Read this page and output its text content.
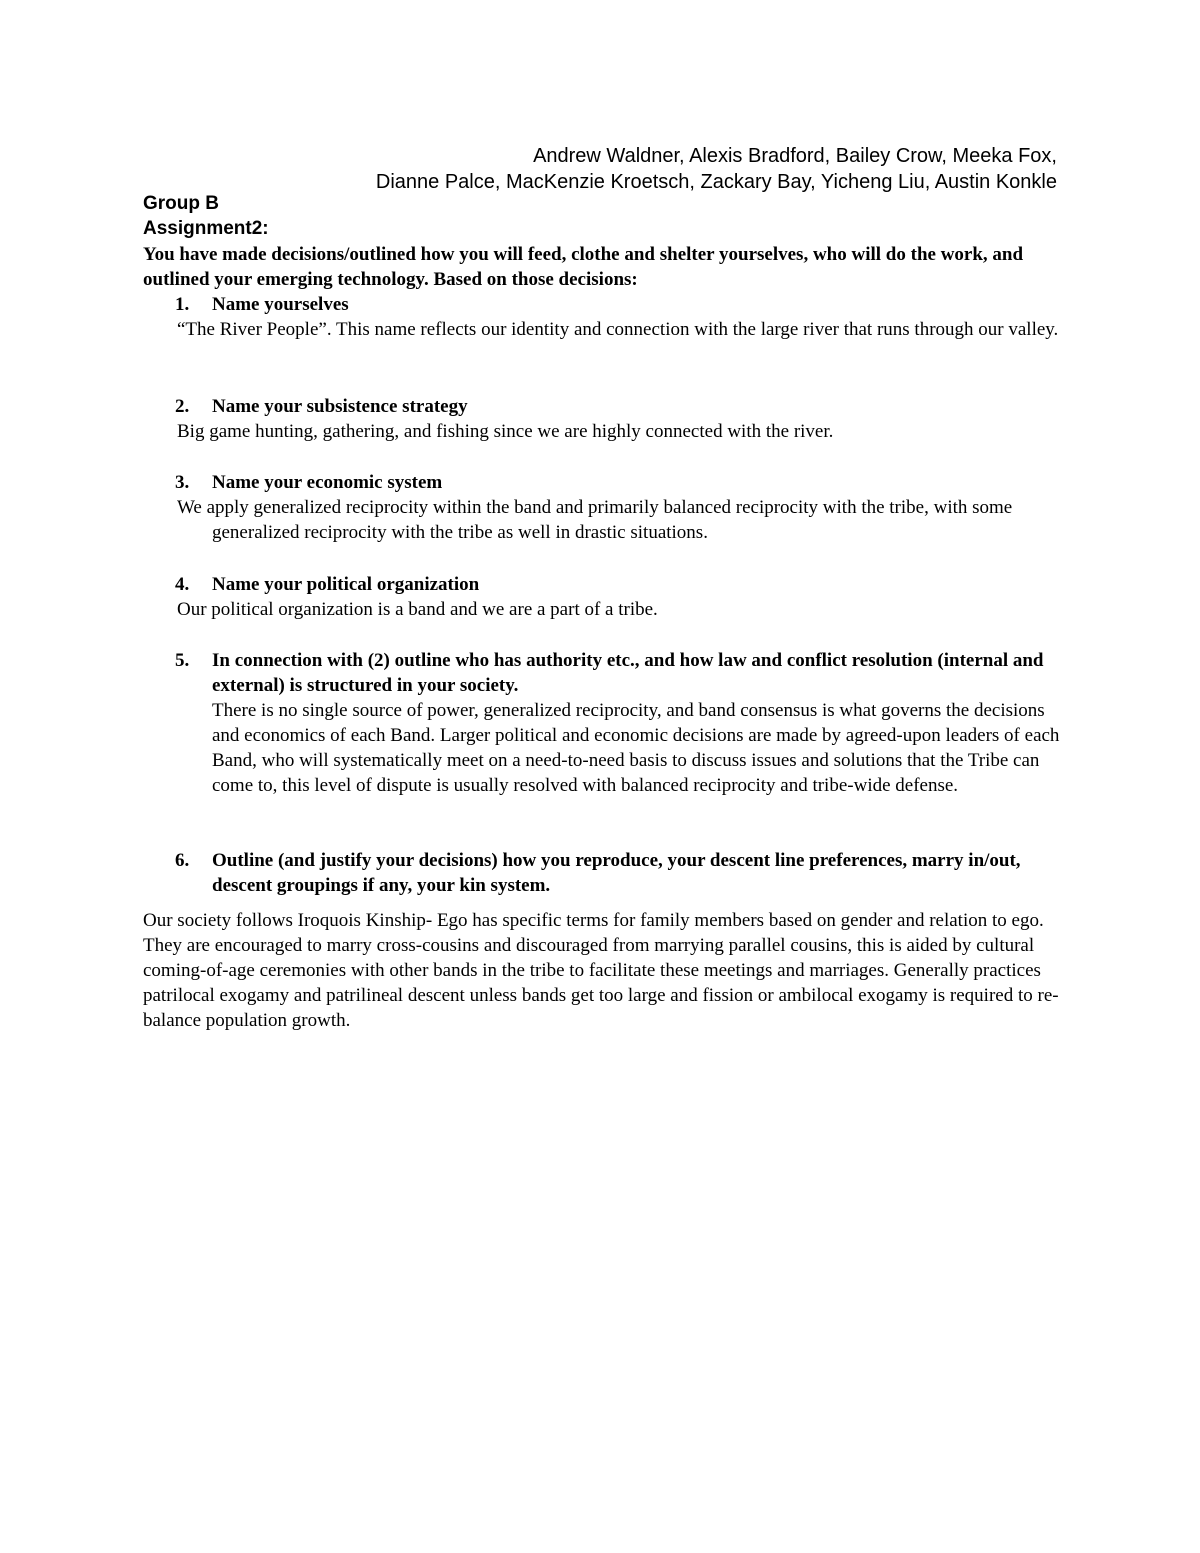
Andrew Waldner, Alexis Bradford, Bailey Crow, Meeka Fox,
Dianne Palce, MacKenzie Kroetsch, Zackary Bay, Yicheng Liu, Austin Konkle
Group B
Assignment2:
You have made decisions/outlined how you will feed, clothe and shelter yourselves, who will do the work, and outlined your emerging technology. Based on those decisions:
1. Name yourselves
“The River People”. This name reflects our identity and connection with the large river that runs through our valley.
2. Name your subsistence strategy
Big game hunting, gathering, and fishing since we are highly connected with the river.
3. Name your economic system
We apply generalized reciprocity within the band and primarily balanced reciprocity with the tribe, with some generalized reciprocity with the tribe as well in drastic situations.
4. Name your political organization
Our political organization is a band and we are a part of a tribe.
5. In connection with (2) outline who has authority etc., and how law and conflict resolution (internal and external) is structured in your society.
There is no single source of power, generalized reciprocity, and band consensus is what governs the decisions and economics of each Band. Larger political and economic decisions are made by agreed-upon leaders of each Band, who will systematically meet on a need-to-need basis to discuss issues and solutions that the Tribe can come to, this level of dispute is usually resolved with balanced reciprocity and tribe-wide defense.
6. Outline (and justify your decisions) how you reproduce, your descent line preferences, marry in/out, descent groupings if any, your kin system.
Our society follows Iroquois Kinship- Ego has specific terms for family members based on gender and relation to ego. They are encouraged to marry cross-cousins and discouraged from marrying parallel cousins, this is aided by cultural coming-of-age ceremonies with other bands in the tribe to facilitate these meetings and marriages. Generally practices patrilocal exogamy and patrilineal descent unless bands get too large and fission or ambilocal exogamy is required to re-balance population growth.
